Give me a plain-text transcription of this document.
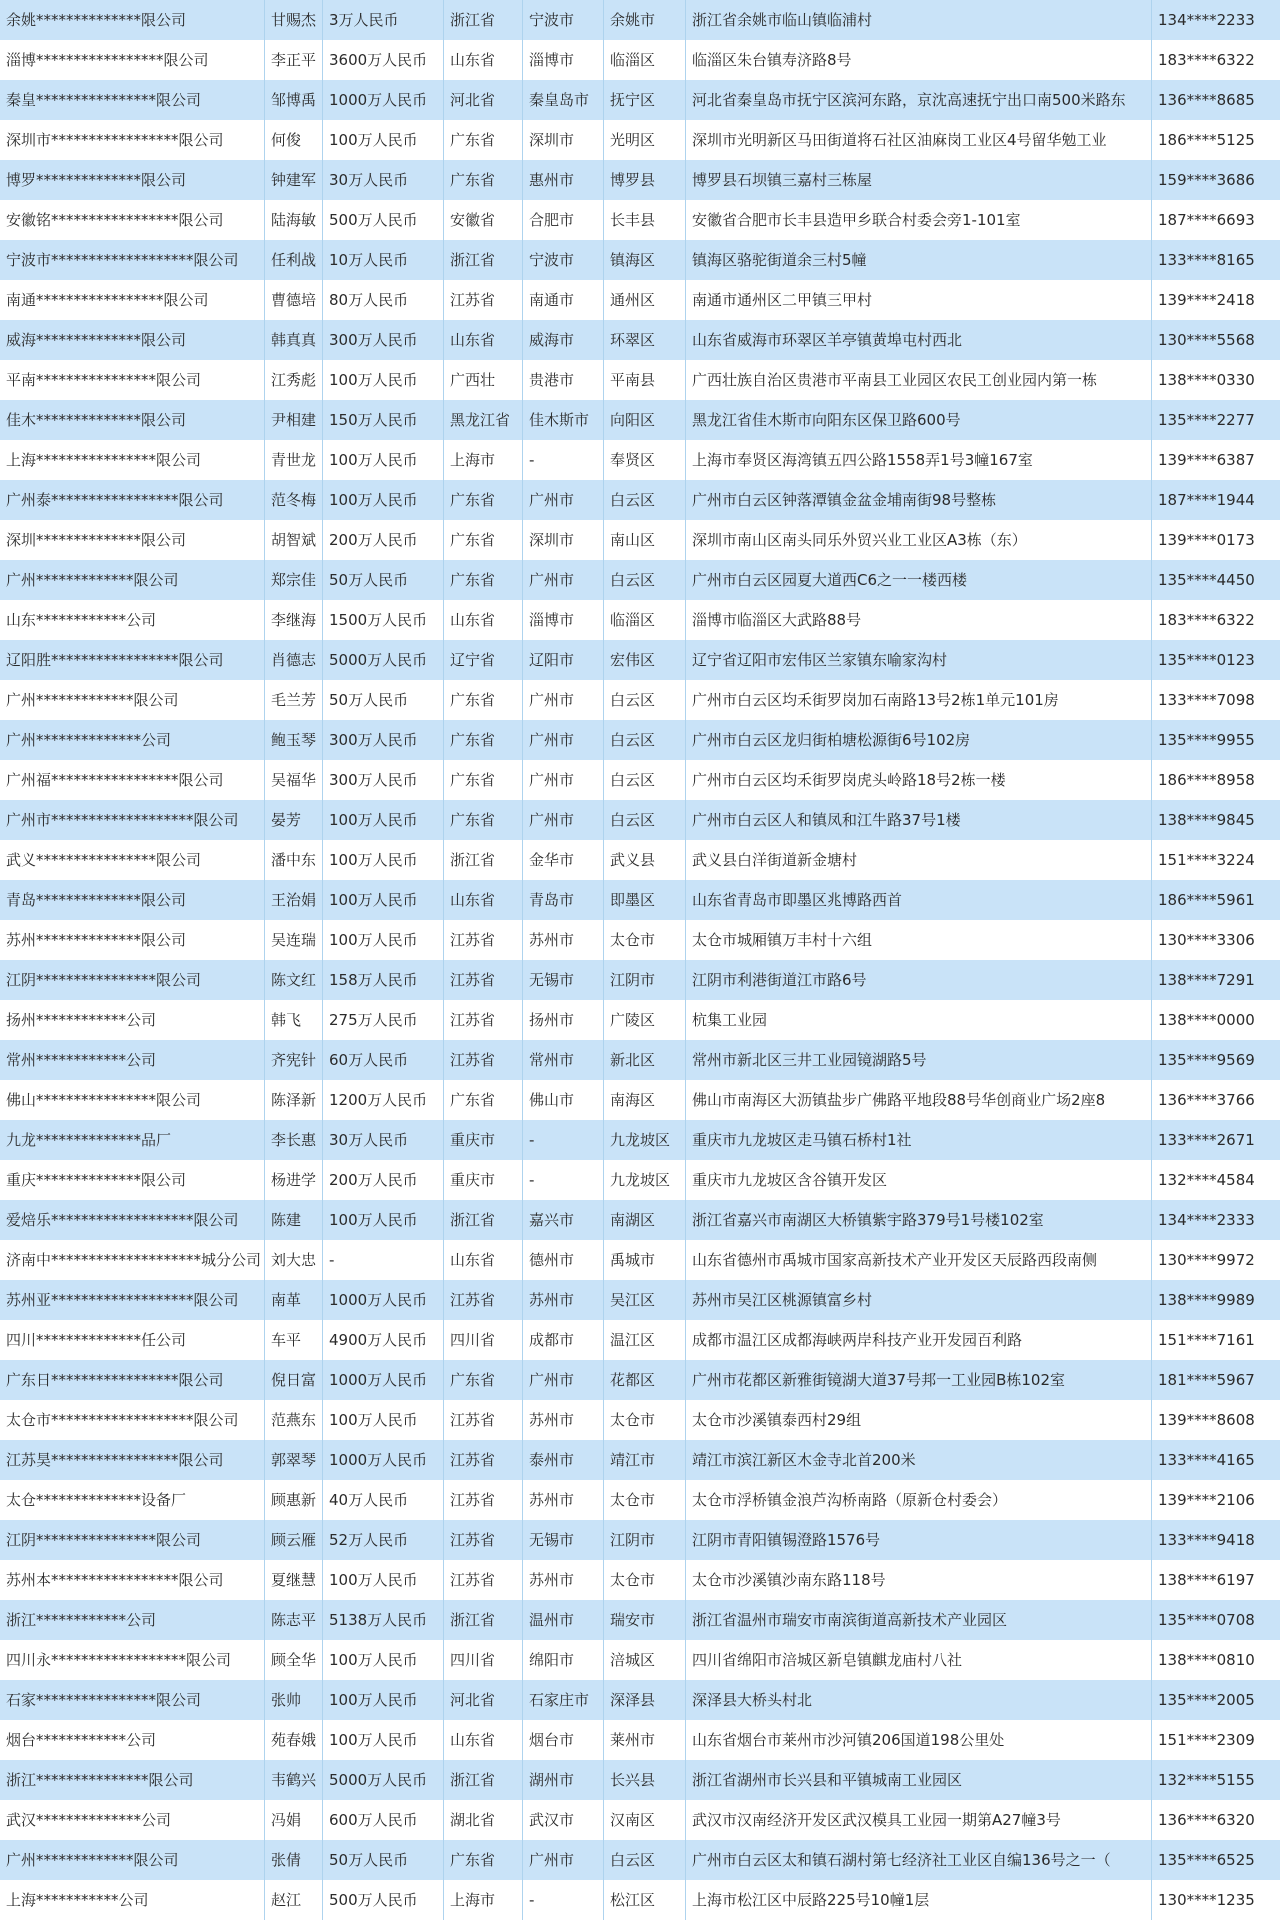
余姚**************限公司	甘赐杰 3万人民币	浙江省	宁波市	余姚市	浙江省余姚市临山镇临浦村	134****2233
淄博*****************限公司	李正平 3600万人民币	山东省	淄博市	临淄区	临淄区朱台镇寿济路8号	183****6322
秦皇****************限公司	邹博禹 1000万人民币	河北省	秦皇岛市	抚宁区	河北省秦皇岛市抚宁区滨河东路，京沈高速抚宁出口南500米路东	136****8685
深圳市*****************限公司	何俊	100万人民币	广东省	深圳市	光明区	深圳市光明新区马田街道将石社区油麻岗工业区4号留华勉工业	186****5125
博罗**************限公司	钟建军 30万人民币	广东省	惠州市	博罗县	博罗县石坝镇三嘉村三栋屋	159****3686
安徽铭*****************限公司	陆海敏 500万人民币	安徽省	合肥市	长丰县	安徽省合肥市长丰县造甲乡联合村委会旁1-101室	187****6693
宁波市*******************限公司	任利战 10万人民币	浙江省	宁波市	镇海区	镇海区骆驼街道余三村5幢	133****8165
南通*****************限公司	曹德培 80万人民币	江苏省	南通市	通州区	南通市通州区二甲镇三甲村	139****2418
威海**************限公司	韩真真 300万人民币	山东省	威海市	环翠区	山东省威海市环翠区羊亭镇黄埠屯村西北	130****5568
平南****************限公司	江秀彪 100万人民币	广西壮	贵港市	平南县	广西壮族自治区贵港市平南县工业园区农民工创业园内第一栋	138****0330
佳木**************限公司	尹相建 150万人民币	黑龙江省	佳木斯市	向阳区	黑龙江省佳木斯市向阳东区保卫路600号	135****2277
上海****************限公司	青世龙 100万人民币	上海市	-	奉贤区	上海市奉贤区海湾镇五四公路1558弄1号3幢167室	139****6387
广州泰*****************限公司	范冬梅 100万人民币	广东省	广州市	白云区	广州市白云区钟落潭镇金盆金埔南街98号整栋	187****1944
深圳**************限公司	胡智斌 200万人民币	广东省	深圳市	南山区	深圳市南山区南头同乐外贸兴业工业区A3栋（东）	139****0173
广州*************限公司	郑宗佳 50万人民币	广东省	广州市	白云区	广州市白云区园夏大道西C6之一一楼西楼	135****4450
山东************公司	李继海 1500万人民币	山东省	淄博市	临淄区	淄博市临淄区大武路88号	183****6322
辽阳胜*****************限公司	肖德志 5000万人民币	辽宁省	辽阳市	宏伟区	辽宁省辽阳市宏伟区兰家镇东喻家沟村	135****0123
广州*************限公司	毛兰芳 50万人民币	广东省	广州市	白云区	广州市白云区均禾街罗岗加石南路13号2栋1单元101房	133****7098
广州**************公司	鲍玉琴 300万人民币	广东省	广州市	白云区	广州市白云区龙归街柏塘松源街6号102房	135****9955
广州福*****************限公司	吴福华 300万人民币	广东省	广州市	白云区	广州市白云区均禾街罗岗虎头岭路18号2栋一楼	186****8958
广州市*******************限公司	晏芳	100万人民币	广东省	广州市	白云区	广州市白云区人和镇凤和江牛路37号1楼	138****9845
武义****************限公司	潘中东 100万人民币	浙江省	金华市	武义县	武义县白洋街道新金塘村	151****3224
青岛**************限公司	王治娟 100万人民币	山东省	青岛市	即墨区	山东省青岛市即墨区兆博路西首	186****5961
苏州**************限公司	吴连瑞 100万人民币	江苏省	苏州市	太仓市	太仓市城厢镇万丰村十六组	130****3306
江阴****************限公司	陈文红 158万人民币	江苏省	无锡市	江阴市	江阴市利港街道江市路6号	138****7291
扬州************公司	韩飞	275万人民币	江苏省	扬州市	广陵区	杭集工业园	138****0000
常州************公司	齐宪针 60万人民币	江苏省	常州市	新北区	常州市新北区三井工业园镜湖路5号	135****9569
佛山****************限公司	陈泽新 1200万人民币	广东省	佛山市	南海区	佛山市南海区大沥镇盐步广佛路平地段88号华创商业广场2座8	136****3766
九龙**************品厂	李长惠 30万人民币	重庆市	-	九龙坡区	重庆市九龙坡区走马镇石桥村1社	133****2671
重庆**************限公司	杨进学 200万人民币	重庆市	-	九龙坡区	重庆市九龙坡区含谷镇开发区	132****4584
爱焙乐*******************限公司	陈建	100万人民币	浙江省	嘉兴市	南湖区	浙江省嘉兴市南湖区大桥镇紫宇路379号1号楼102室	134****2333
济南中********************城分公司 刘大忠 -	山东省	德州市	禹城市	山东省德州市禹城市国家高新技术产业开发区天辰路西段南侧	130****9972
苏州亚*******************限公司	南革	1000万人民币	江苏省	苏州市	吴江区	苏州市吴江区桃源镇富乡村	138****9989
四川**************任公司	车平	4900万人民币	四川省	成都市	温江区	成都市温江区成都海峡两岸科技产业开发园百利路	151****7161
广东日*****************限公司	倪日富 1000万人民币	广东省	广州市	花都区	广州市花都区新雅街镜湖大道37号邦一工业园B栋102室	181****5967
太仓市*******************限公司	范燕东 100万人民币	江苏省	苏州市	太仓市	太仓市沙溪镇泰西村29组	139****8608
江苏昊*****************限公司	郭翠琴 1000万人民币	江苏省	泰州市	靖江市	靖江市滨江新区木金寺北首200米	133****4165
太仓**************设备厂	顾惠新 40万人民币	江苏省	苏州市	太仓市	太仓市浮桥镇金浪芦沟桥南路（原新仓村委会）	139****2106
江阴****************限公司	顾云雁 52万人民币	江苏省	无锡市	江阴市	江阴市青阳镇锡澄路1576号	133****9418
苏州本*****************限公司	夏继慧 100万人民币	江苏省	苏州市	太仓市	太仓市沙溪镇沙南东路118号	138****6197
浙江************公司	陈志平 5138万人民币	浙江省	温州市	瑞安市	浙江省温州市瑞安市南滨街道高新技术产业园区	135****0708
四川永******************限公司	顾全华 100万人民币	四川省	绵阳市	涪城区	四川省绵阳市涪城区新皂镇麒龙庙村八社	138****0810
石家****************限公司	张帅	100万人民币	河北省	石家庄市	深泽县	深泽县大桥头村北	135****2005
烟台************公司	苑春娥 100万人民币	山东省	烟台市	莱州市	山东省烟台市莱州市沙河镇206国道198公里处	151****2309
浙江***************限公司	韦鹤兴 5000万人民币	浙江省	湖州市	长兴县	浙江省湖州市长兴县和平镇城南工业园区	132****5155
武汉**************公司	冯娟	600万人民币	湖北省	武汉市	汉南区	武汉市汉南经济开发区武汉模具工业园一期第A27幢3号	136****6320
广州*************限公司	张倩	50万人民币	广东省	广州市	白云区	广州市白云区太和镇石湖村第七经济社工业区自编136号之一（	135****6525
上海***********公司	赵江	500万人民币	上海市	-	松江区	上海市松江区中辰路225号10幢1层	130****1235
